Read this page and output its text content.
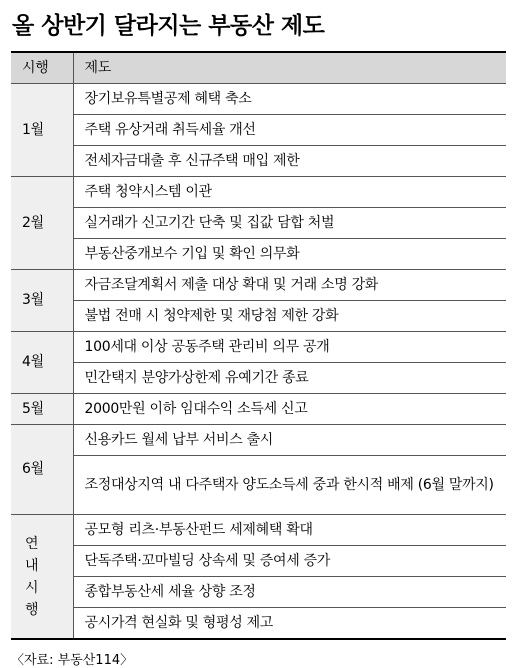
올 상반기 달라지는 부동산 제도
시행	제도
1월	장기보유특별공제 혜택 축소
	주택 유상거래 취득세율 개선
	전세자금대출 후 신규주택 매입 제한
2월	주택 청약시스템 이관
	실거래가 신고기간 단축 및 집값 담합 처벌
	부동산중개보수 기입 및 확인 의무화
3월	자금조달계획서 제출 대상 확대 및 거래 소명 강화
	불법 전매 시 청약제한 및 재당첨 제한 강화
4월	100세대 이상 공동주택 관리비 의무 공개
	민간택지 분양가상한제 유예기간 종료
5월	2000만원 이하 임대수익 소득세 신고
6월	신용카드 월세 납부 서비스 출시
	조정대상지역 내 다주택자 양도소득세 중과 한시적 배제 (6월 말까지)
연 내 시 행	공모형 리츠·부동산펀드 세제혜택 확대
	단독주택·꼬마빌딩 상속세 및 증여세 증가
	종합부동산세 세율 상향 조정
	공시가격 현실화 및 형평성 제고
〈자료: 부동산114〉
